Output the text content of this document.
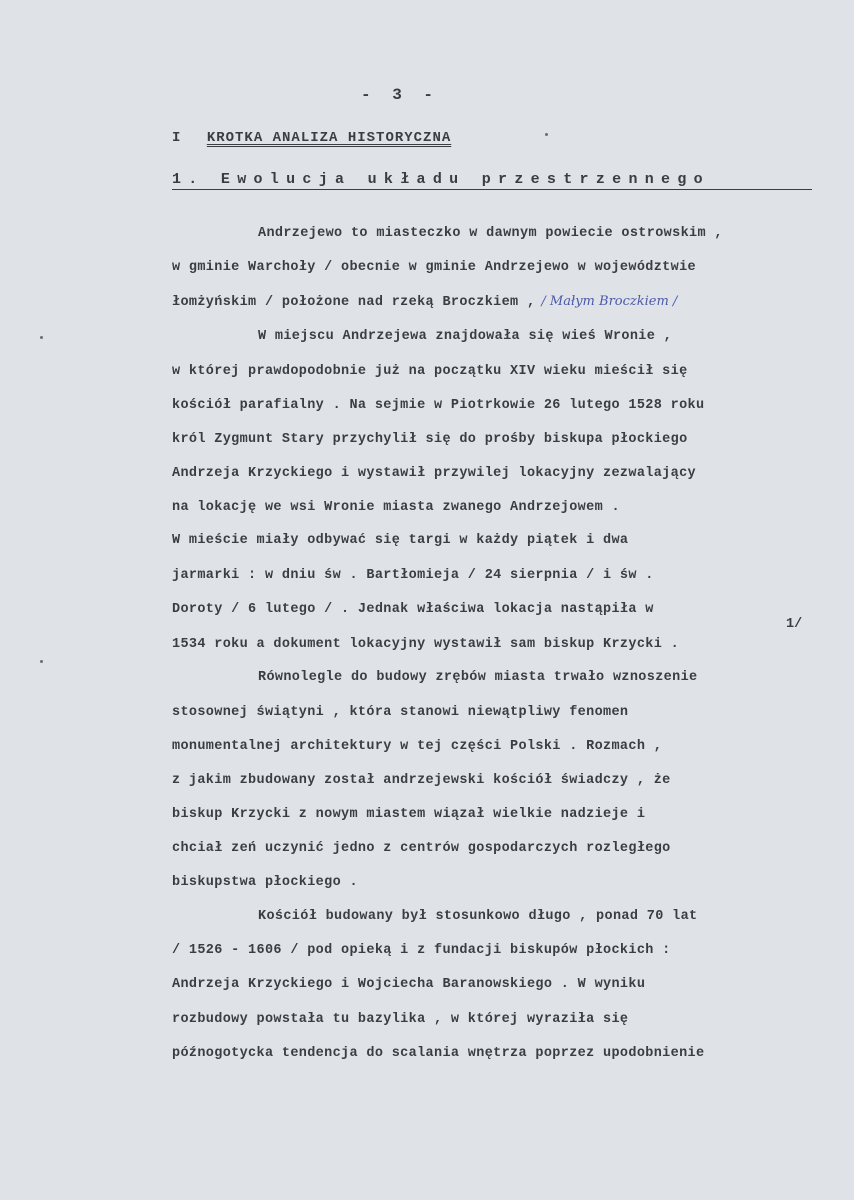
- 3 -
I KROTKA ANALIZA HISTORYCZNA
1. Ewolucja układu przestrzennego
Andrzejewo to miasteczko w dawnym powiecie ostrowskim ,
w gminie Warchoły / obecnie w gminie Andrzejewo w województwie
łomżyńskim / położone nad rzeką Broczkiem , / Małym Broczkiem /
W miejscu Andrzejewa znajdowała się wieś Wronie ,
w której prawdopodobnie już na początku XIV wieku mieścił się
kościół parafialny . Na sejmie w Piotrkowie 26 lutego 1528 roku
król Zygmunt Stary przychylił się do prośby biskupa płockiego
Andrzeja Krzyckiego i wystawił przywilej lokacyjny zezwalający
na lokację we wsi Wronie miasta zwanego Andrzejowem .
W mieście miały odbywać się targi w każdy piątek i dwa
jarmarki : w dniu św . Bartłomieja / 24 sierpnia / i św .
Doroty / 6 lutego / . Jednak właściwa lokacja nastąpiła w
1/
1534 roku a dokument lokacyjny wystawił sam biskup Krzycki .
Równolegle do budowy zrębów miasta trwało wznoszenie
stosownej świątyni , która stanowi niewątpliwy fenomen
monumentalnej architektury w tej części Polski . Rozmach ,
z jakim zbudowany został andrzejewski kościół świadczy , że
biskup Krzycki z nowym miastem wiązał wielkie nadzieje i
chciał zeń uczynić jedno z centrów gospodarczych rozległego
biskupstwa płockiego .
Kościół budowany był stosunkowo długo , ponad 70 lat
/ 1526 - 1606 / pod opieką i z fundacji biskupów płockich :
Andrzeja Krzyckiego i Wojciecha Baranowskiego . W wyniku
rozbudowy powstała tu bazylika , w której wyraziła się
późnogotycka tendencja do scalania wnętrza poprzez upodobnienie
